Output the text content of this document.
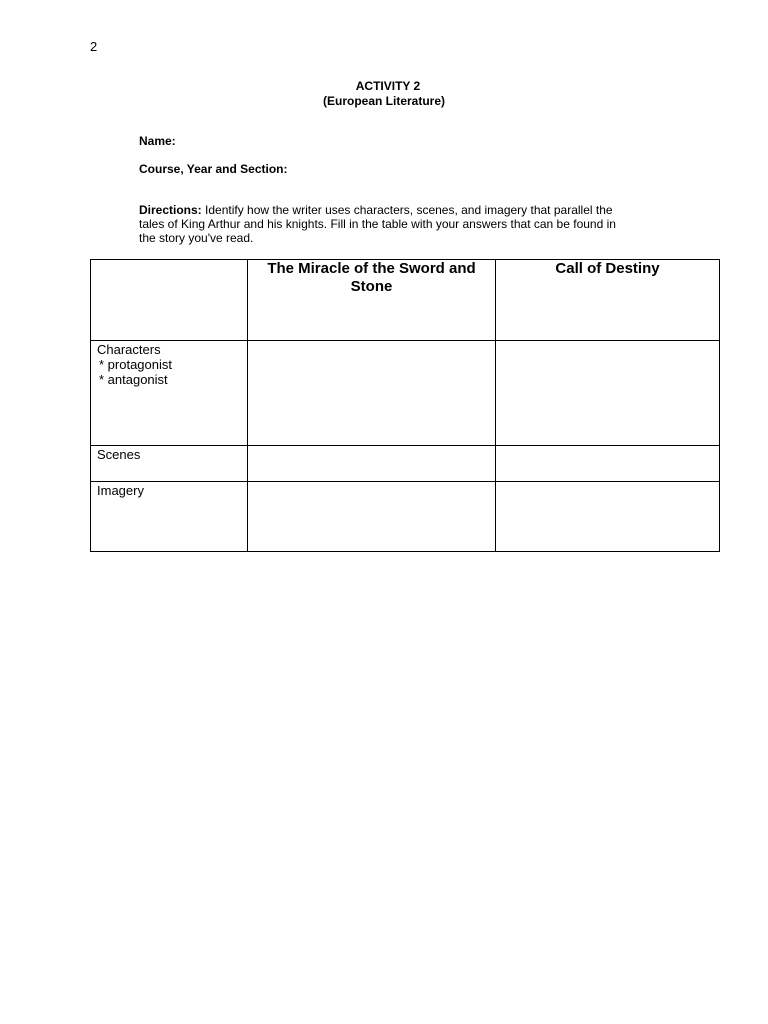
2
ACTIVITY 2
(European Literature)
Name:
Course, Year and Section:
Directions: Identify how the writer uses characters, scenes, and imagery that parallel the tales of King Arthur and his knights. Fill in the table with your answers that can be found in the story you've read.

	The Miracle of the Sword and Stone	Call of Destiny

Characters
* protagonist
* antagonist		

Scenes		

Imagery		
